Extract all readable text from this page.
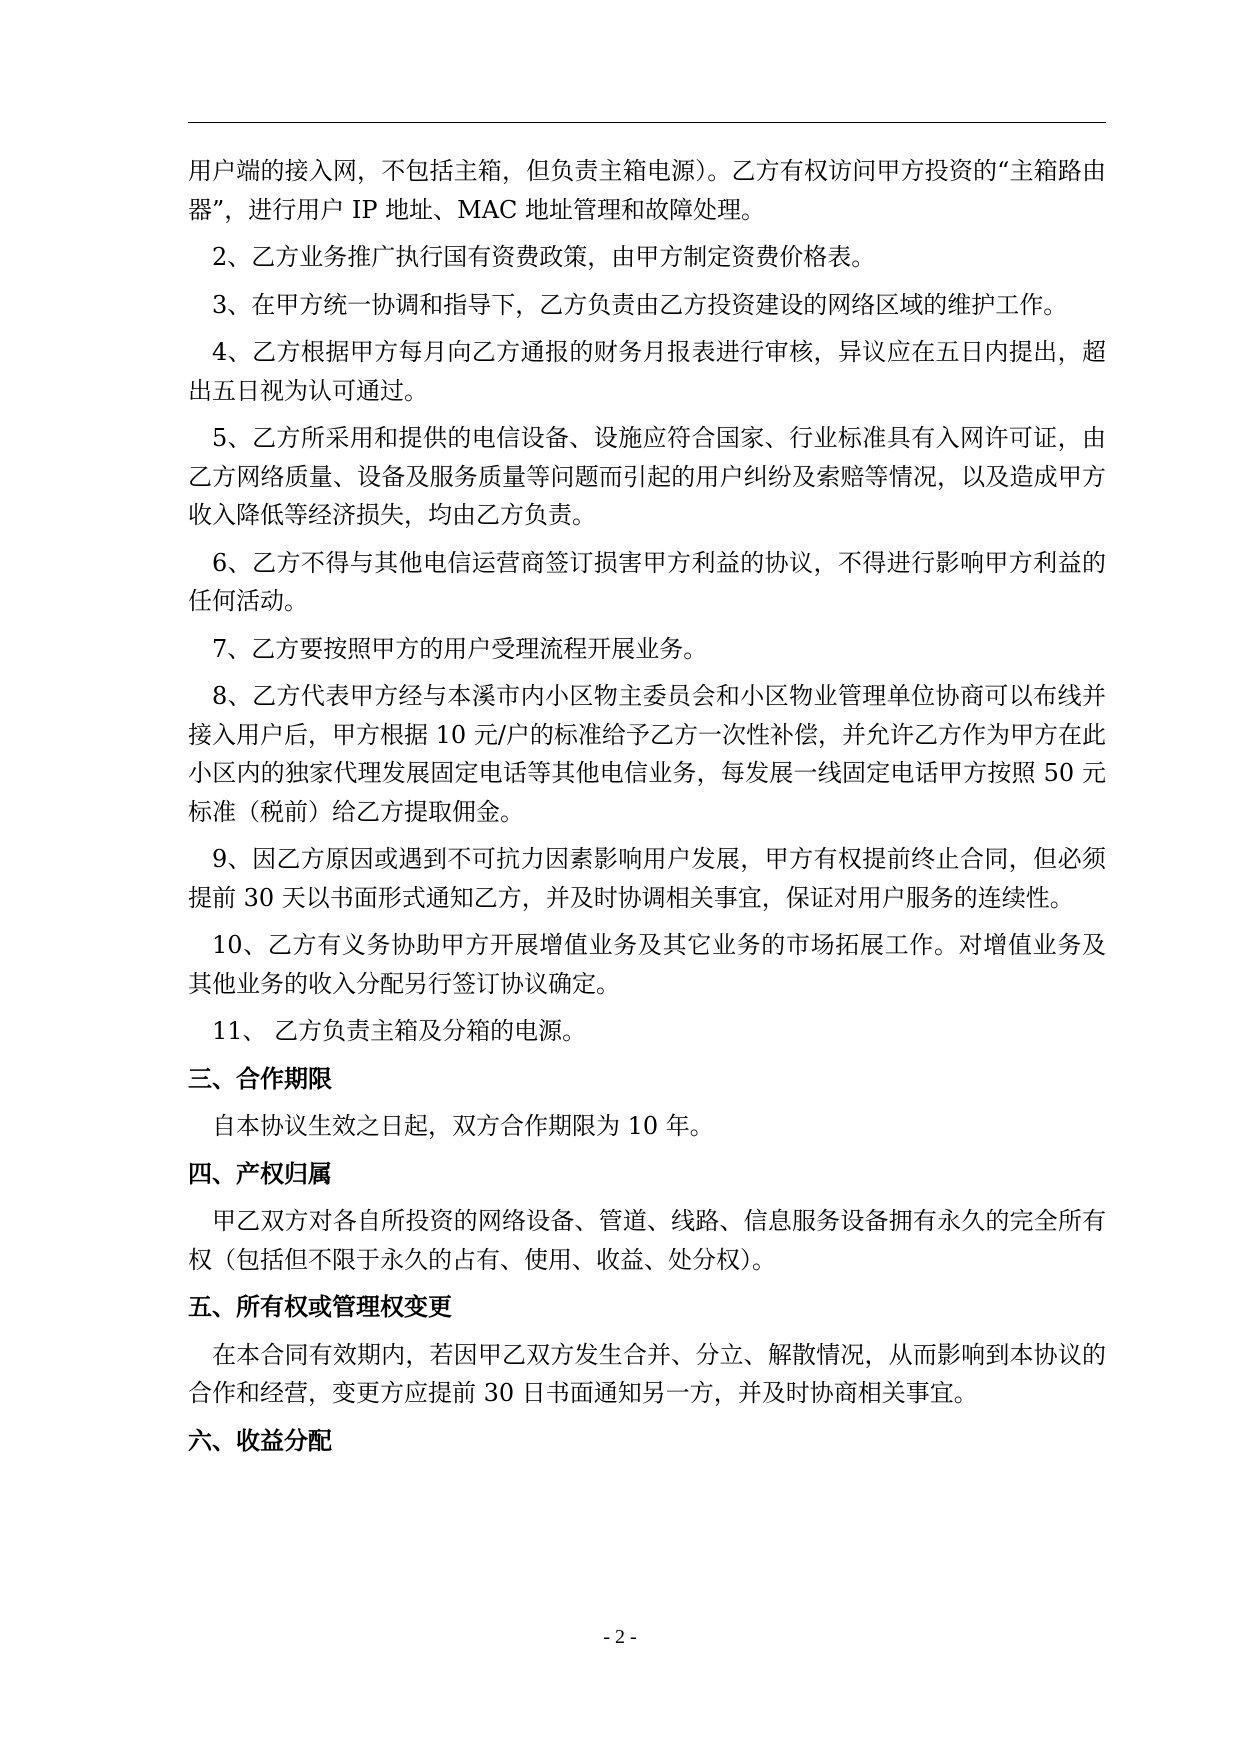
用户端的接入网，不包括主箱，但负责主箱电源）。乙方有权访问甲方投资的“主箱路由器”，进行用户 IP 地址、MAC 地址管理和故障处理。

2、乙方业务推广执行国有资费政策，由甲方制定资费价格表。

3、在甲方统一协调和指导下，乙方负责由乙方投资建设的网络区域的维护工作。

4、乙方根据甲方每月向乙方通报的财务月报表进行审核，异议应在五日内提出，超出五日视为认可通过。

5、乙方所采用和提供的电信设备、设施应符合国家、行业标准具有入网许可证，由乙方网络质量、设备及服务质量等问题而引起的用户纠纷及索赔等情况，以及造成甲方收入降低等经济损失，均由乙方负责。

6、乙方不得与其他电信运营商签订损害甲方利益的协议，不得进行影响甲方利益的任何活动。

7、乙方要按照甲方的用户受理流程开展业务。

8、乙方代表甲方经与本溪市内小区物主委员会和小区物业管理单位协商可以布线并接入用户后，甲方根据 10 元/户的标准给予乙方一次性补偿，并允许乙方作为甲方在此小区内的独家代理发展固定电话等其他电信业务，每发展一线固定电话甲方按照 50 元标准（税前）给乙方提取佣金。

9、因乙方原因或遇到不可抗力因素影响用户发展，甲方有权提前终止合同，但必须提前 30 天以书面形式通知乙方，并及时协调相关事宜，保证对用户服务的连续性。

10、乙方有义务协助甲方开展增值业务及其它业务的市场拓展工作。对增值业务及其他业务的收入分配另行签订协议确定。

11、 乙方负责主箱及分箱的电源。

三、合作期限

自本协议生效之日起，双方合作期限为 10 年。

四、产权归属

甲乙双方对各自所投资的网络设备、管道、线路、信息服务设备拥有永久的完全所有权（包括但不限于永久的占有、使用、收益、处分权）。

五、所有权或管理权变更

在本合同有效期内，若因甲乙双方发生合并、分立、解散情况，从而影响到本协议的合作和经营，变更方应提前 30 日书面通知另一方，并及时协商相关事宜。

六、收益分配
- 2 -
